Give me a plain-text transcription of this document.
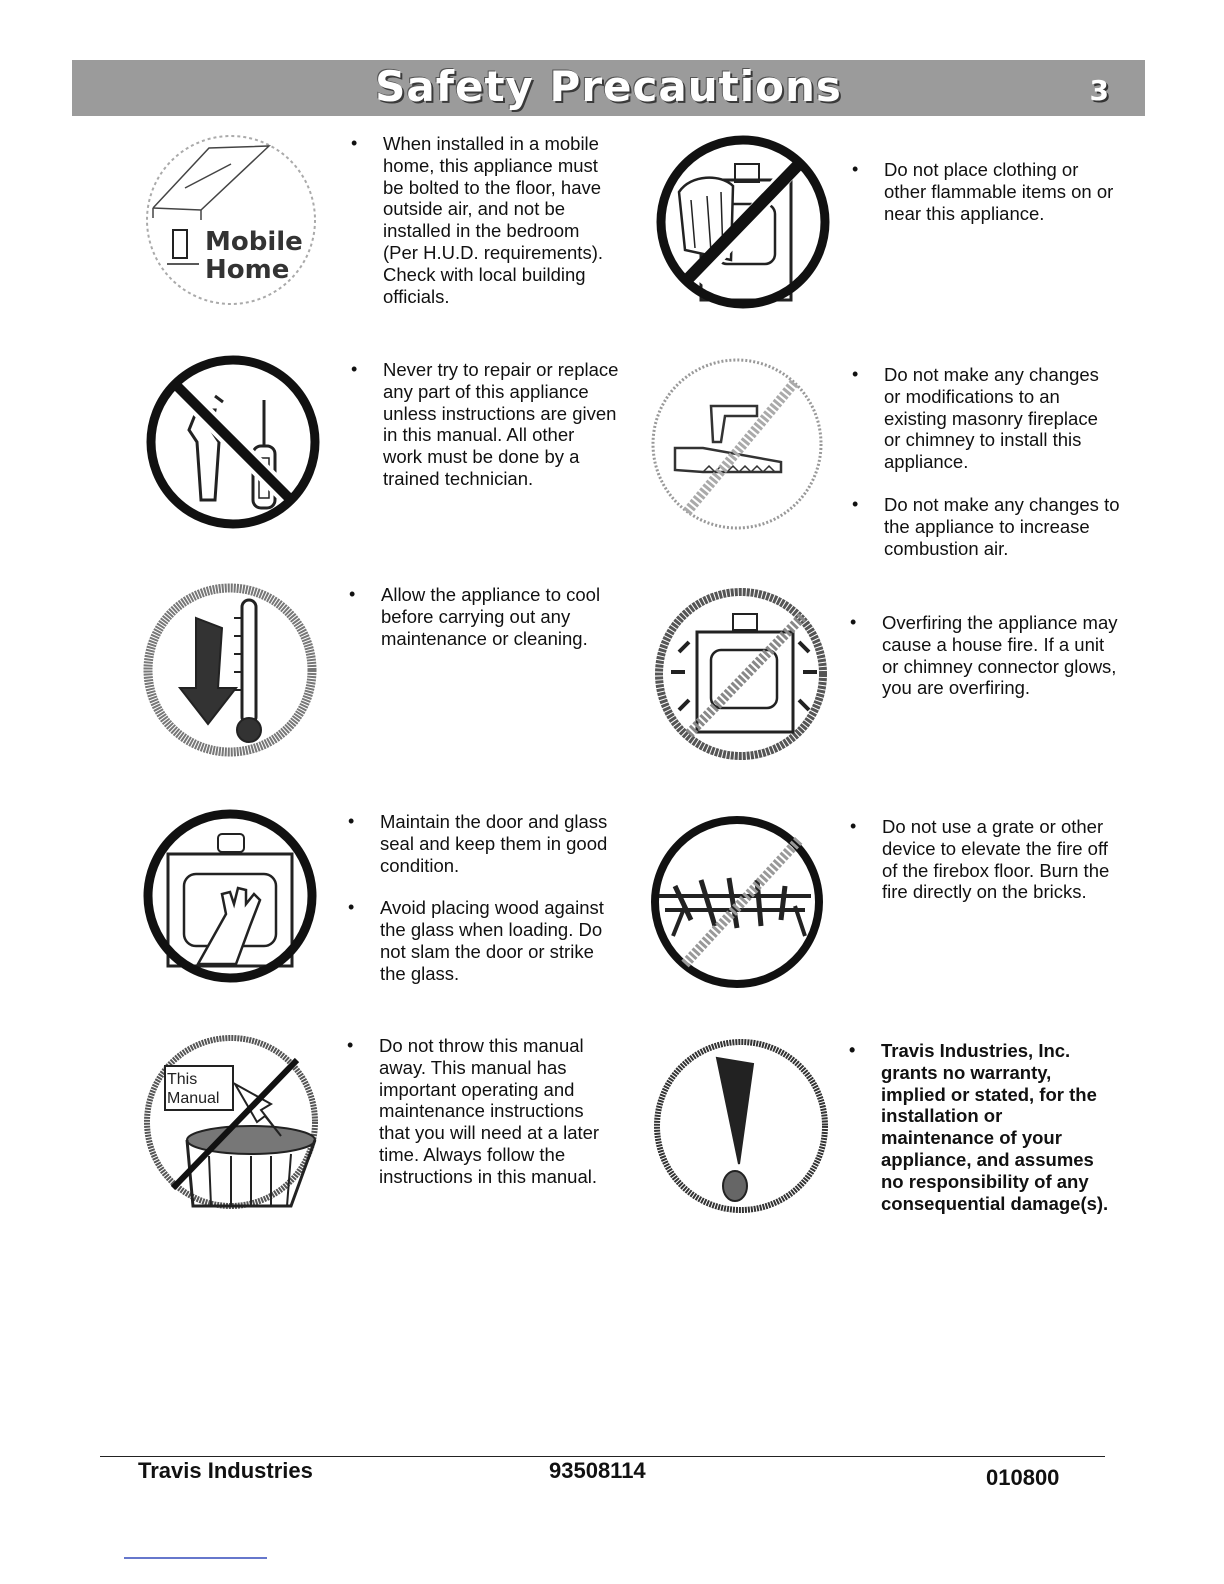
Safety Precautions	3
Mobile
Home
• When installed in a mobile
home, this appliance must
be bolted to the floor, have
outside air, and not be
installed in the bedroom
(Per H.U.D. requirements).
Check with local building
officials.
• Do not place clothing or
other flammable items on or
near this appliance.
• Never try to repair or replace
any part of this appliance
unless instructions are given
in this manual. All other
work must be done by a
trained technician.
• Do not make any changes
or modifications to an
existing masonry fireplace
or chimney to install this
appliance.
• Do not make any changes to
the appliance to increase
combustion air.
• Allow the appliance to cool
before carrying out any
maintenance or cleaning.
• Overfiring the appliance may
cause a house fire. If a unit
or chimney connector glows,
you are overfiring.
• Maintain the door and glass
seal and keep them in good
condition.
• Avoid placing wood against
the glass when loading. Do
not slam the door or strike
the glass.
• Do not use a grate or other
device to elevate the fire off
of the firebox floor. Burn the
fire directly on the bricks.
This
Manual
• Do not throw this manual
away. This manual has
important operating and
maintenance instructions
that you will need at a later
time. Always follow the
instructions in this manual.
• Travis Industries, Inc.
grants no warranty,
implied or stated, for the
installation or
maintenance of your
appliance, and assumes
no responsibility of any
consequential damage(s).
Travis Industries	93508114	010800
